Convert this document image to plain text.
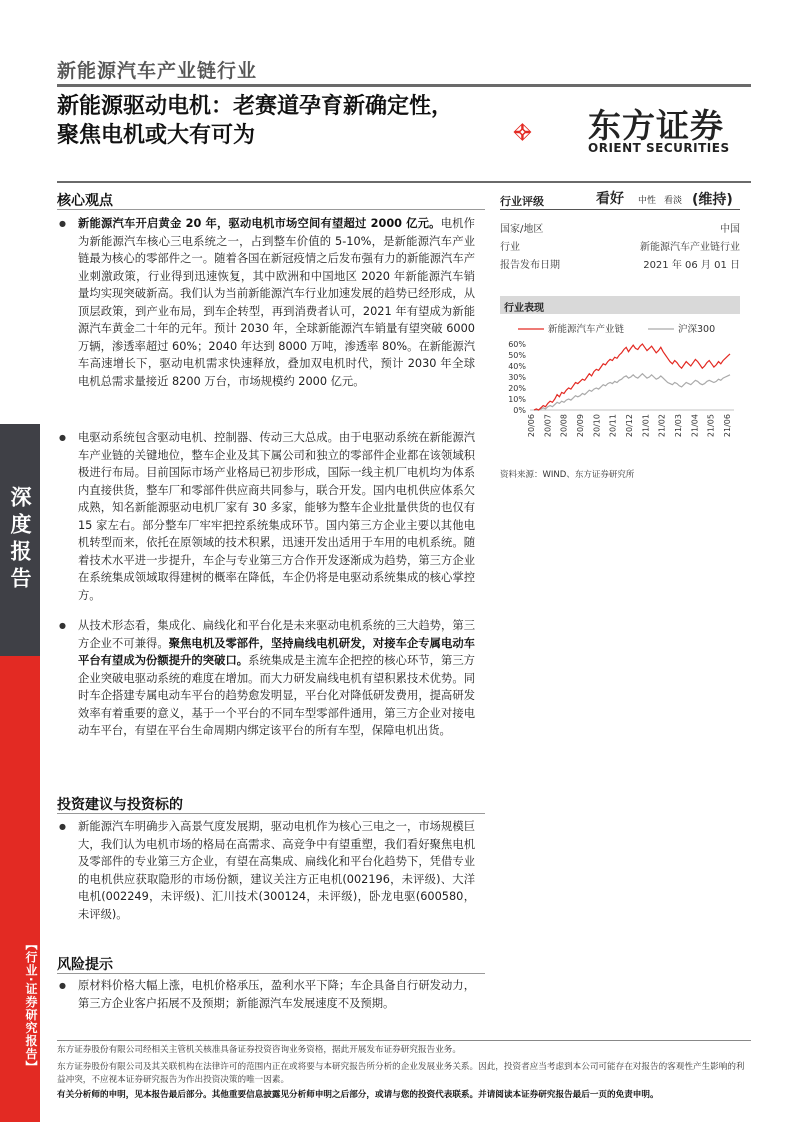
深度报告
【行业·证券研究报告】
新能源汽车产业链行业
新能源驱动电机：老赛道孕育新确定性，聚焦电机或大有可为	东方证券
ORIENT SECURITIES
核心观点
● 新能源汽车开启黄金 20 年，驱动电机市场空间有望超过 2000 亿元。电机作为新能源汽车核心三电系统之一，占到整车价值的 5-10%，是新能源汽车产业链最为核心的零部件之一。随着各国在新冠疫情之后发布强有力的新能源汽车产业刺激政策，行业得到迅速恢复，其中欧洲和中国地区 2020 年新能源汽车销量均实现突破新高。我们认为当前新能源汽车行业加速发展的趋势已经形成，从顶层政策，到产业布局，到车企转型，再到消费者认可，2021 年有望成为新能源汽车黄金二十年的元年。预计 2030 年，全球新能源汽车销量有望突破 6000 万辆，渗透率超过 60%；2040 年达到 8000 万吨，渗透率 80%。在新能源汽车高速增长下，驱动电机需求快速释放，叠加双电机时代，预计 2030 年全球电机总需求量接近 8200 万台，市场规模约 2000 亿元。
● 电驱动系统包含驱动电机、控制器、传动三大总成。由于电驱动系统在新能源汽车产业链的关键地位，整车企业及其下属公司和独立的零部件企业都在该领域积极进行布局。目前国际市场产业格局已初步形成，国际一线主机厂电机均为体系内直接供货，整车厂和零部件供应商共同参与，联合开发。国内电机供应体系欠成熟，知名新能源驱动电机厂家有 30 多家，能够为整车企业批量供货的也仅有 15 家左右。部分整车厂牢牢把控系统集成环节。国内第三方企业主要以其他电机转型而来，依托在原领域的技术积累，迅速开发出适用于车用的电机系统。随着技术水平进一步提升，车企与专业第三方合作开发逐渐成为趋势，第三方企业在系统集成领域取得建树的概率在降低，车企仍将是电驱动系统集成的核心掌控方。
● 从技术形态看，集成化、扁线化和平台化是未来驱动电机系统的三大趋势，第三方企业不可兼得。聚焦电机及零部件，坚持扁线电机研发，对接车企专属电动车平台有望成为份额提升的突破口。系统集成是主流车企把控的核心环节，第三方企业突破电驱动系统的难度在增加。而大力研发扁线电机有望积累技术优势。同时车企搭建专属电动车平台的趋势愈发明显，平台化对降低研发费用，提高研发效率有着重要的意义，基于一个平台的不同车型零部件通用，第三方企业对接电动车平台，有望在平台生命周期内绑定该平台的所有车型，保障电机出货。
投资建议与投资标的
● 新能源汽车明确步入高景气度发展期，驱动电机作为核心三电之一，市场规模巨大，我们认为电机市场的格局在高需求、高竞争中有望重塑，我们看好聚焦电机及零部件的专业第三方企业，有望在高集成、扁线化和平台化趋势下，凭借专业的电机供应获取隐形的市场份额，建议关注方正电机(002196，未评级)、大洋电机(002249，未评级)、汇川技术(300124，未评级)，卧龙电驱(600580，未评级)。
风险提示
● 原材料价格大幅上涨，电机价格承压，盈利水平下降；车企具备自行研发动力，第三方企业客户拓展不及预期；新能源汽车发展速度不及预期。
行业评级	看好 中性 看淡 (维持)
国家/地区	中国
行业	新能源汽车产业链行业
报告发布日期	2021 年 06 月 01 日
行业表现
新能源汽车产业链	沪深300
60%
50%
40%
30%
20%
10%
0%
20/06 20/07 20/08 20/09 20/10 20/11 20/12 21/01 21/02 21/03 21/04 21/05 21/06
资料来源：WIND、东方证券研究所
东方证券股份有限公司经相关主管机关核准具备证券投资咨询业务资格，据此开展发布证券研究报告业务。
东方证券股份有限公司及其关联机构在法律许可的范围内正在或将要与本研究报告所分析的企业发展业务关系。因此，投资者应当考虑到本公司可能存在对报告的客观性产生影响的利益冲突，不应视本证券研究报告为作出投资决策的唯一因素。
有关分析师的申明，见本报告最后部分。其他重要信息披露见分析师申明之后部分，或请与您的投资代表联系。并请阅读本证券研究报告最后一页的免责申明。
